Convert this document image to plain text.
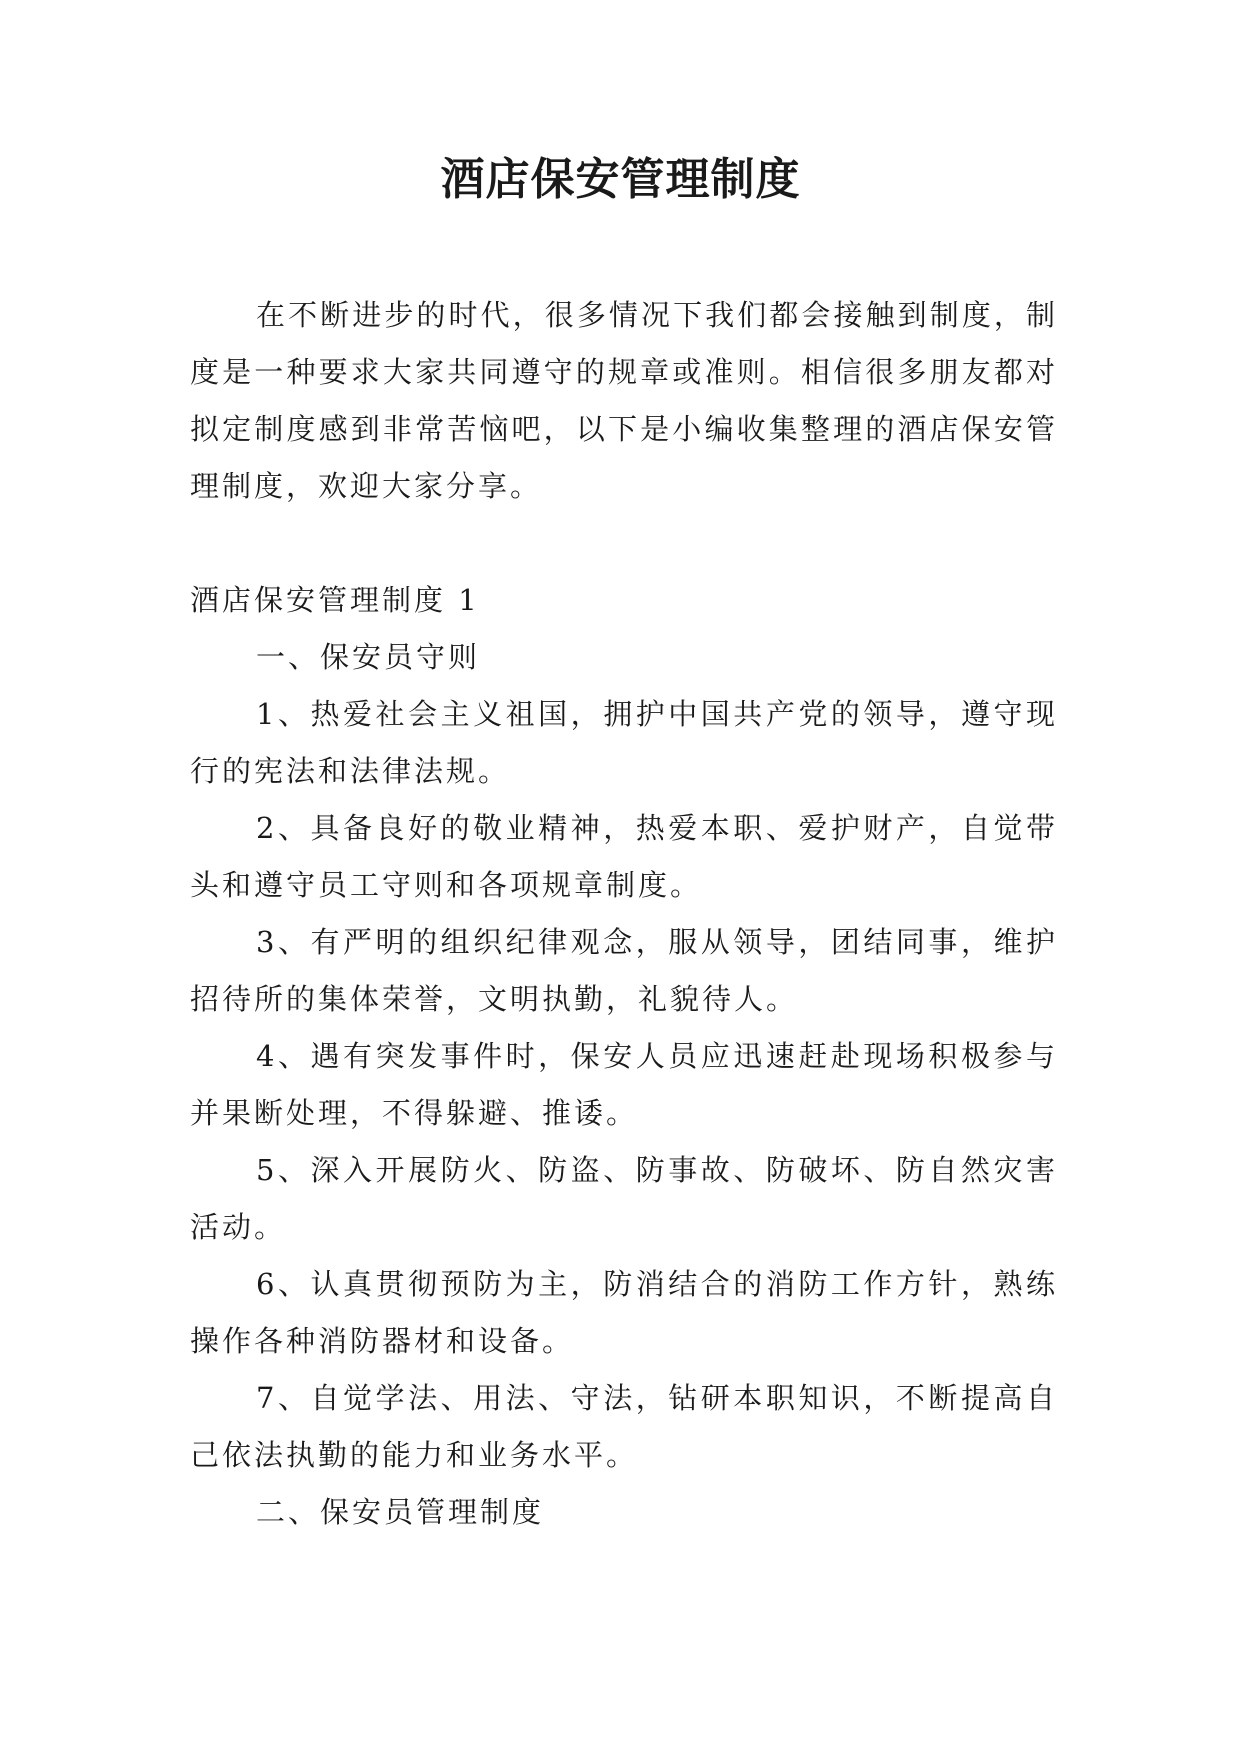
酒店保安管理制度

在不断进步的时代，很多情况下我们都会接触到制度，制度是一种要求大家共同遵守的规章或准则。相信很多朋友都对拟定制度感到非常苦恼吧，以下是小编收集整理的酒店保安管理制度，欢迎大家分享。

酒店保安管理制度 1

一、保安员守则

1、热爱社会主义祖国，拥护中国共产党的领导，遵守现行的宪法和法律法规。

2、具备良好的敬业精神，热爱本职、爱护财产，自觉带头和遵守员工守则和各项规章制度。

3、有严明的组织纪律观念，服从领导，团结同事，维护招待所的集体荣誉，文明执勤，礼貌待人。

4、遇有突发事件时，保安人员应迅速赶赴现场积极参与并果断处理，不得躲避、推诿。

5、深入开展防火、防盗、防事故、防破坏、防自然灾害活动。

6、认真贯彻预防为主，防消结合的消防工作方针，熟练操作各种消防器材和设备。

7、自觉学法、用法、守法，钻研本职知识，不断提高自己依法执勤的能力和业务水平。

二、保安员管理制度
